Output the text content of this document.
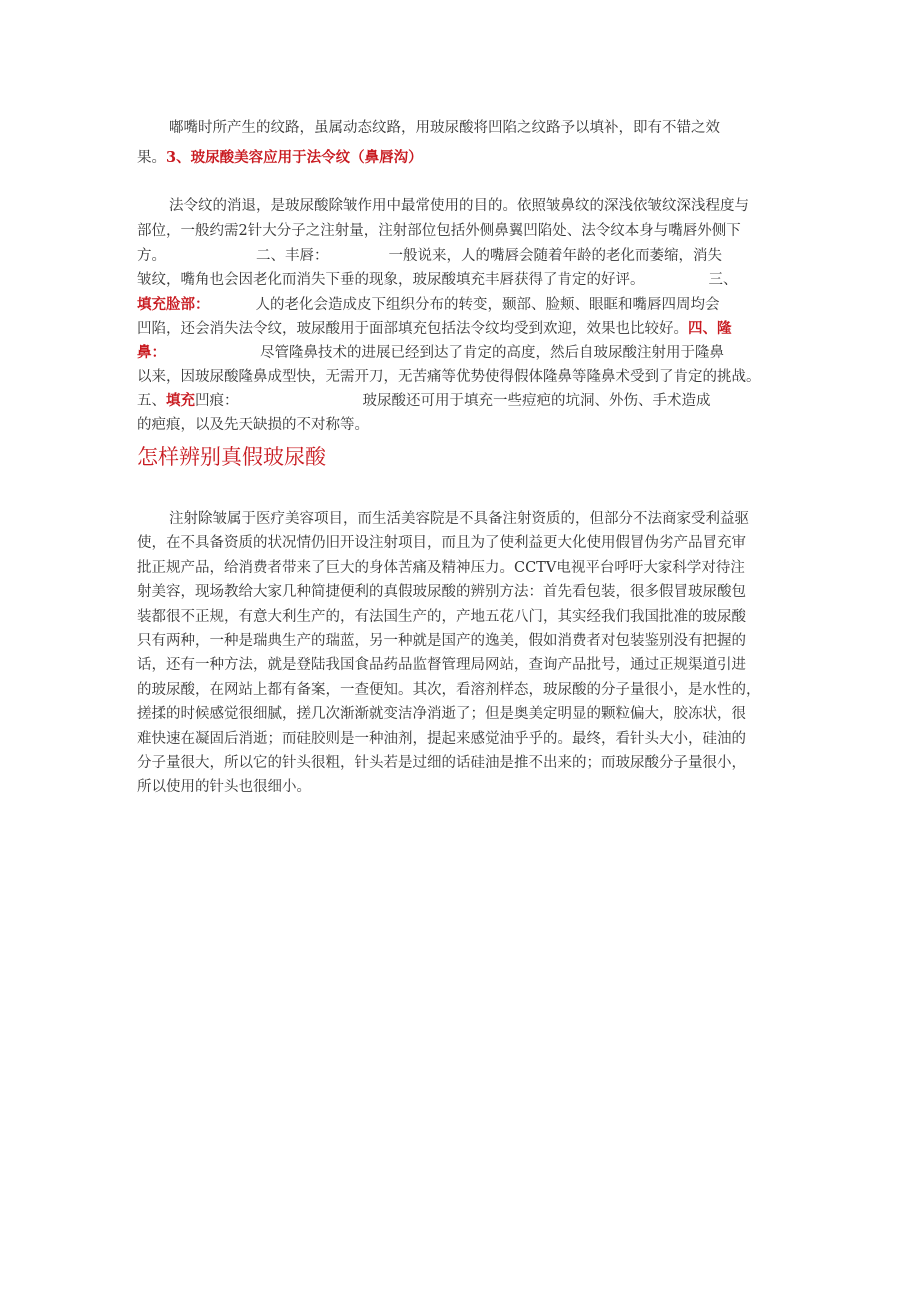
嘟嘴时所产生的纹路，虽属动态纹路，用玻尿酸将凹陷之纹路予以填补，即有不错之效
果。3、玻尿酸美容应用于法令纹（鼻唇沟）
法令纹的消退，是玻尿酸除皱作用中最常使用的目的。依照皱鼻纹的深浅依皱纹深浅程度与
部位，一般约需2针大分子之注射量，注射部位包括外侧鼻翼凹陷处、法令纹本身与嘴唇外侧下
方。	二、丰唇：	一般说来，人的嘴唇会随着年龄的老化而萎缩，消失
皱纹，嘴角也会因老化而消失下垂的现象，玻尿酸填充丰唇获得了肯定的好评。	三、
填充脸部：	人的老化会造成皮下组织分布的转变，颞部、脸颊、眼眶和嘴唇四周均会
凹陷，还会消失法令纹，玻尿酸用于面部填充包括法令纹均受到欢迎，效果也比较好。四、隆
鼻：	尽管隆鼻技术的进展已经到达了肯定的高度，然后自玻尿酸注射用于隆鼻
以来，因玻尿酸隆鼻成型快，无需开刀，无苦痛等优势使得假体隆鼻等隆鼻术受到了肯定的挑战。
五、填充凹痕：	玻尿酸还可用于填充一些痘疤的坑洞、外伤、手术造成
的疤痕，以及先天缺损的不对称等。
怎样辨别真假玻尿酸
注射除皱属于医疗美容项目，而生活美容院是不具备注射资质的，但部分不法商家受利益驱
使，在不具备资质的状况情仍旧开设注射项目，而且为了使利益更大化使用假冒伪劣产品冒充审
批正规产品，给消费者带来了巨大的身体苦痛及精神压力。CCTV电视平台呼吁大家科学对待注
射美容，现场教给大家几种简捷便利的真假玻尿酸的辨别方法：首先看包装，很多假冒玻尿酸包
装都很不正规，有意大利生产的，有法国生产的，产地五花八门，其实经我们我国批准的玻尿酸
只有两种，一种是瑞典生产的瑞蓝，另一种就是国产的逸美，假如消费者对包装鉴别没有把握的
话，还有一种方法，就是登陆我国食品药品监督管理局网站，查询产品批号，通过正规渠道引进
的玻尿酸，在网站上都有备案，一查便知。其次，看溶剂样态，玻尿酸的分子量很小，是水性的，
搓揉的时候感觉很细腻，搓几次渐渐就变洁净消逝了；但是奥美定明显的颗粒偏大，胶冻状，很
难快速在凝固后消逝；而硅胶则是一种油剂，提起来感觉油乎乎的。最终，看针头大小，硅油的
分子量很大，所以它的针头很粗，针头若是过细的话硅油是推不出来的；而玻尿酸分子量很小，
所以使用的针头也很细小。
